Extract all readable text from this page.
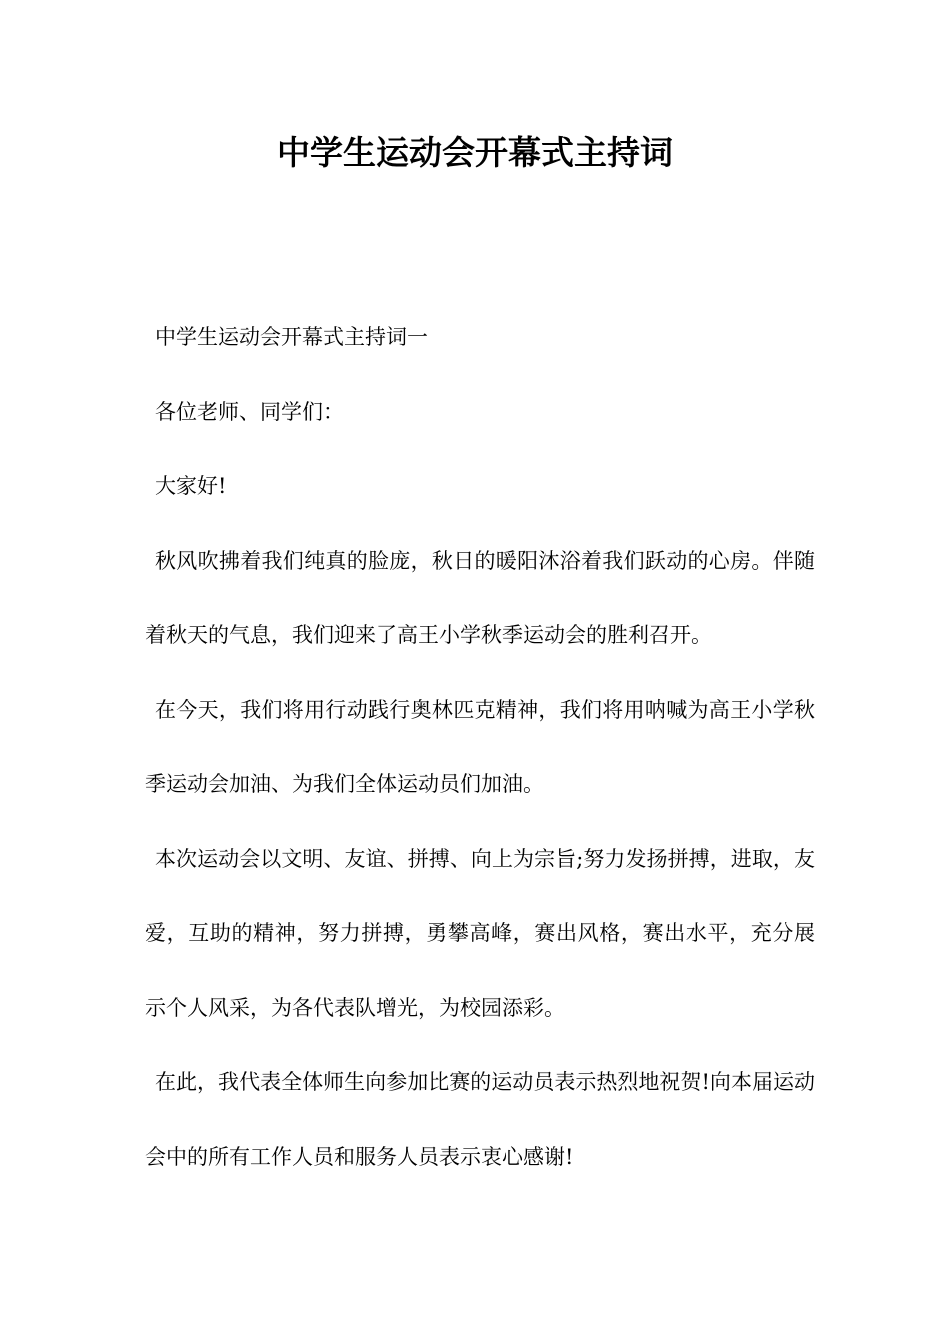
中学生运动会开幕式主持词

中学生运动会开幕式主持词一

各位老师、同学们：

大家好!

秋风吹拂着我们纯真的脸庞，秋日的暖阳沐浴着我们跃动的心房。伴随着秋天的气息，我们迎来了高王小学秋季运动会的胜利召开。

在今天，我们将用行动践行奥林匹克精神，我们将用呐喊为高王小学秋季运动会加油、为我们全体运动员们加油。

本次运动会以文明、友谊、拼搏、向上为宗旨;努力发扬拼搏，进取，友爱，互助的精神，努力拼搏，勇攀高峰，赛出风格，赛出水平，充分展示个人风采，为各代表队增光，为校园添彩。

在此，我代表全体师生向参加比赛的运动员表示热烈地祝贺!向本届运动会中的所有工作人员和服务人员表示衷心感谢!
